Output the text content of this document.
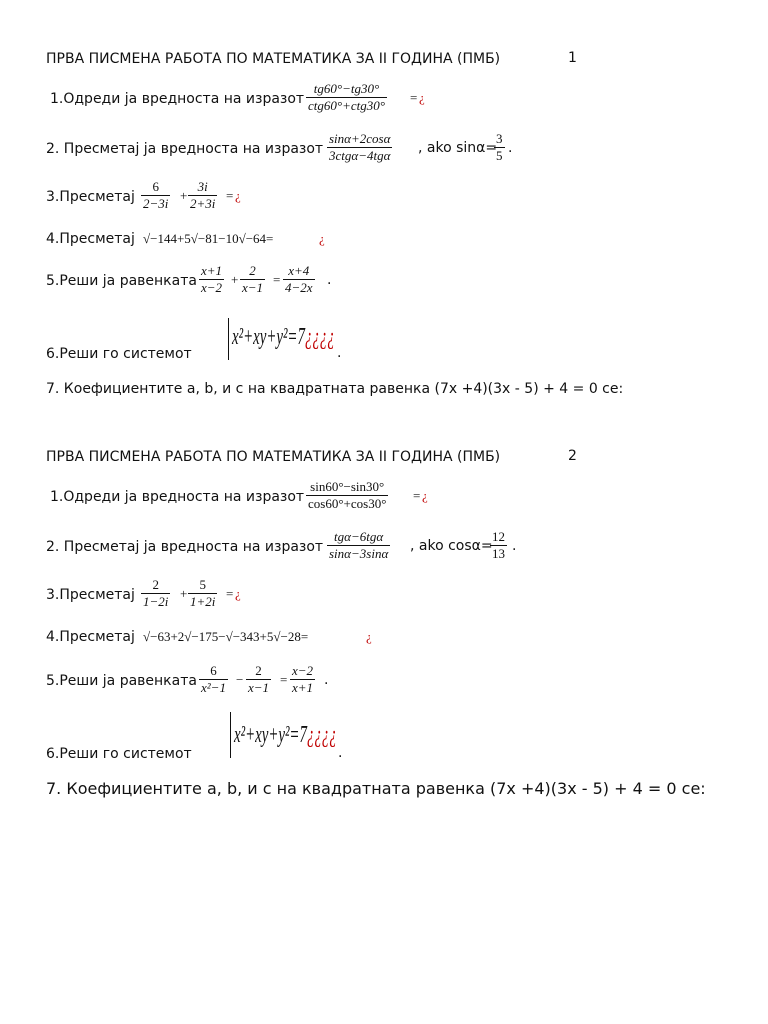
ПРВА ПИСМЕНА РАБОТА ПО МАТЕМАТИКА ЗА II ГОДИНА (ПМБ)	1
1.Одреди ја вредноста на изразот
tg60°−tg30°
ctg60°+ctg30°
= ¿
2. Пресметај ја вредноста на изразот
sinα+2cosα
3ctgα−4tgα , ako sinα=
$\frac{3}{5}$ .
3.Пресметај $\frac{6}{2-3i} + \frac{3i}{2+3i}$ = ¿
4.Пресметај √−144+5√−81−10√−64=	¿
5.Реши ја равенката $\frac{x+1}{x-2} + \frac{2}{x-1} = \frac{x+4}{4-2x}$ .
6.Реши го системот
x²+xy+y²=7¿¿¿¿
.
7. Коефициентите a, b, и c на квадратната равенка (7x +4)(3x - 5) + 4 = 0 се:
ПРВА ПИСМЕНА РАБОТА ПО МАТЕМАТИКА ЗА II ГОДИНА (ПМБ)	2
1.Одреди ја вредноста на изразот $\frac{\sin 60^\circ-\sin 30^\circ}{\cos 60^\circ+\cos 30^\circ}$ = ¿
2. Пресметај ја вредноста на изразот
tgα−6tgα
sinα−3sinα , ako cosα=
$\frac{12}{13}$ .
3.Пресметај $\frac{2}{1-2i} + \frac{5}{1+2i}$ = ¿
4.Пресметај √−63+2√−175−√−343+5√−28=	¿
5.Реши ја равенката $\frac{6}{\text{x²−1}} - \frac{2}{x-1} = \frac{x-2}{x+1}$ .
6.Реши го системот
x²+xy+y²=7¿¿¿¿
.
7. Коефициентите a, b, и c на квадратната равенка (7x +4)(3x - 5) + 4 = 0 се:
